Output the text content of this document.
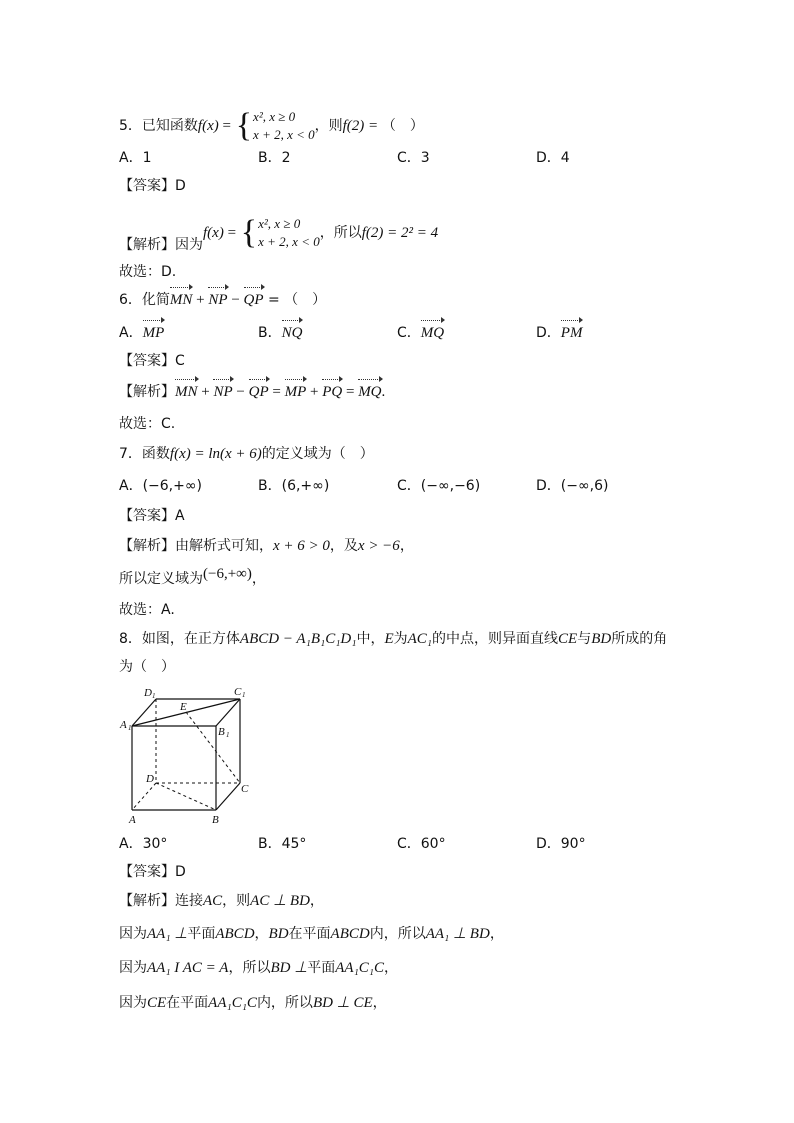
5．已知函数f(x) = {x², x ≥ 0
x + 2, x < 0，则f(2) = （　）
A．1	B．2	C．3	D．4
【答案】D
【解析】因为f(x) = {x², x ≥ 0
x + 2, x < 0，所以f(2) = 2² = 4
故选：D.
6．化简MN + NP − QP = （　）
A．MP	B．NQ	C．MQ	D．PM
【答案】C
【解析】MN + NP − QP = MP + PQ = MQ.
故选：C.
7．函数f(x) = ln(x + 6)的定义域为（　）
A．(−6,+∞)	B．(6,+∞)	C．(−∞,−6)	D．(−∞,6)
【答案】A
【解析】由解析式可知，x + 6 > 0，及x > −6，
所以定义域为(−6,+∞)，
故选：A.
8．如图，在正方体ABCD − A₁B₁C₁D₁中，E为AC₁的中点，则异面直线CE与BD所成的角
为（　）
D 1	C 1
A 1	B 1
E
D
C
A	B
A．30°	B．45°	C．60°	D．90°
【答案】D
【解析】连接AC，则AC ⊥ BD，
因为AA₁ ⊥平面ABCD，BD在平面ABCD内，所以AA₁ ⊥ BD，
因为AA₁ I AC = A，所以BD ⊥平面AA₁C₁C，
因为CE在平面AA₁C₁C内，所以BD ⊥ CE，
